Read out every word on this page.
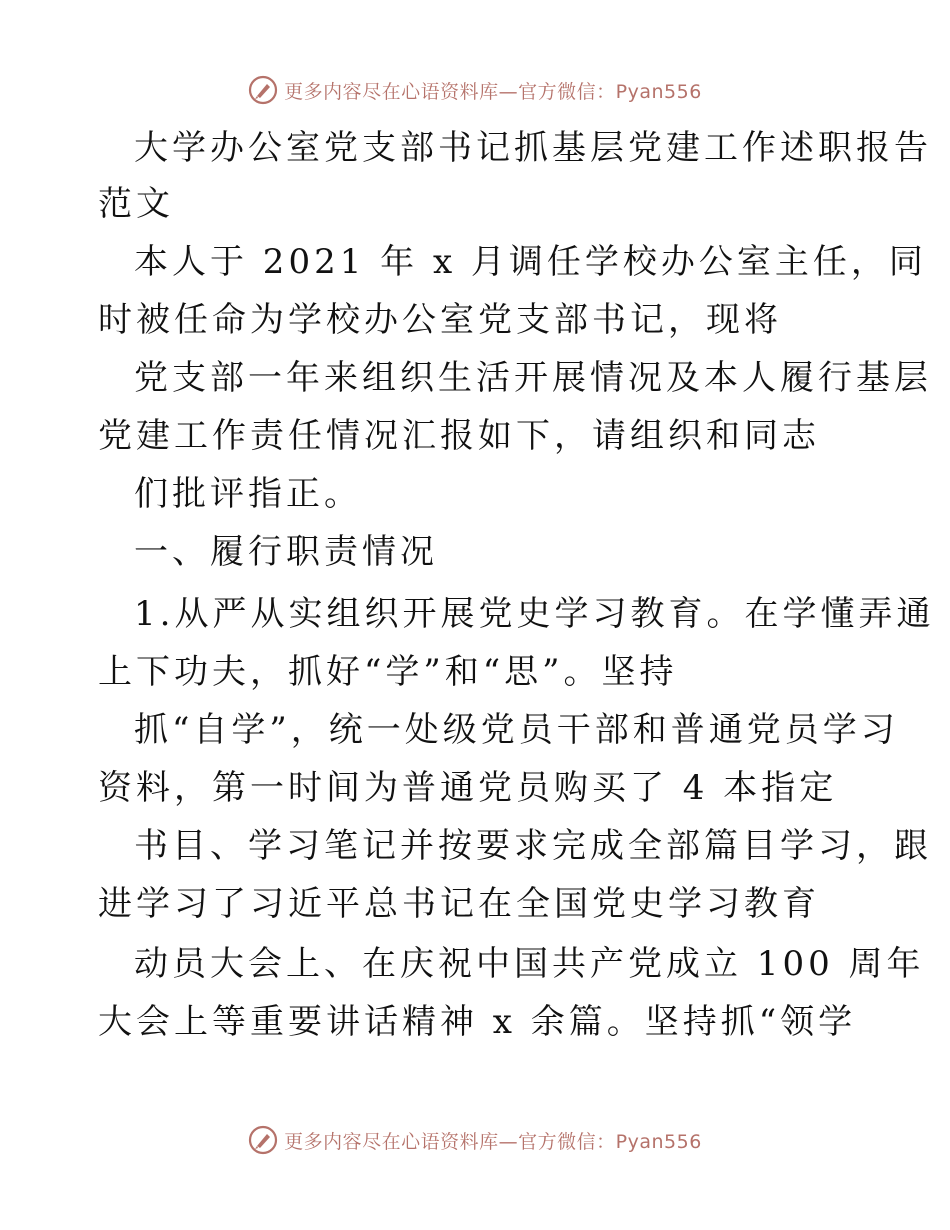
更多内容尽在心语资料库—官方微信：Pyan556
大学办公室党支部书记抓基层党建工作述职报告
范文
本人于 2021 年 x 月调任学校办公室主任，同
时被任命为学校办公室党支部书记，现将
党支部一年来组织生活开展情况及本人履行基层
党建工作责任情况汇报如下，请组织和同志
们批评指正。
一、履行职责情况
1.从严从实组织开展党史学习教育。在学懂弄通
上下功夫，抓好“学”和“思”。坚持
抓“自学”，统一处级党员干部和普通党员学习
资料，第一时间为普通党员购买了 4 本指定
书目、学习笔记并按要求完成全部篇目学习，跟
进学习了习近平总书记在全国党史学习教育
动员大会上、在庆祝中国共产党成立 100 周年
大会上等重要讲话精神 x 余篇。坚持抓“领学
更多内容尽在心语资料库—官方微信：Pyan556
